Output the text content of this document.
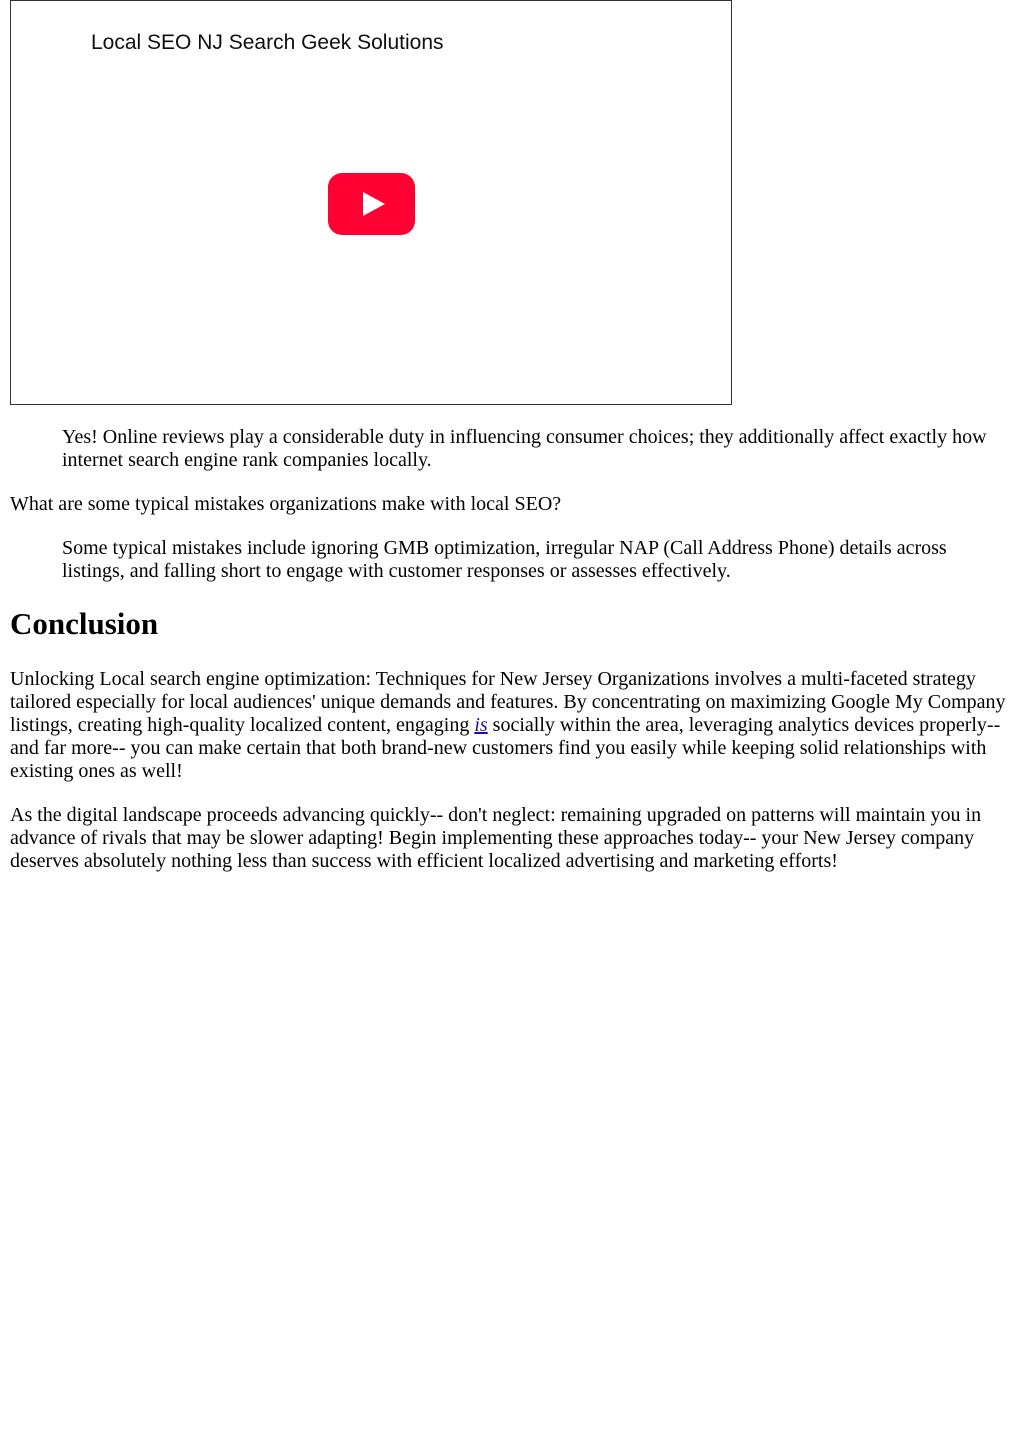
Local SEO NJ Search Geek Solutions

Yes! Online reviews play a considerable duty in influencing consumer choices; they additionally affect exactly how internet search engine rank companies locally.

What are some typical mistakes organizations make with local SEO?

Some typical mistakes include ignoring GMB optimization, irregular NAP (Call Address Phone) details across listings, and falling short to engage with customer responses or assesses effectively.

Conclusion

Unlocking Local search engine optimization: Techniques for New Jersey Organizations involves a multi-faceted strategy tailored especially for local audiences' unique demands and features. By concentrating on maximizing Google My Company listings, creating high-quality localized content, engaging is socially within the area, leveraging analytics devices properly-- and far more-- you can make certain that both brand-new customers find you easily while keeping solid relationships with existing ones as well!

As the digital landscape proceeds advancing quickly-- don't neglect: remaining upgraded on patterns will maintain you in advance of rivals that may be slower adapting! Begin implementing these approaches today-- your New Jersey company deserves absolutely nothing less than success with efficient localized advertising and marketing efforts!
